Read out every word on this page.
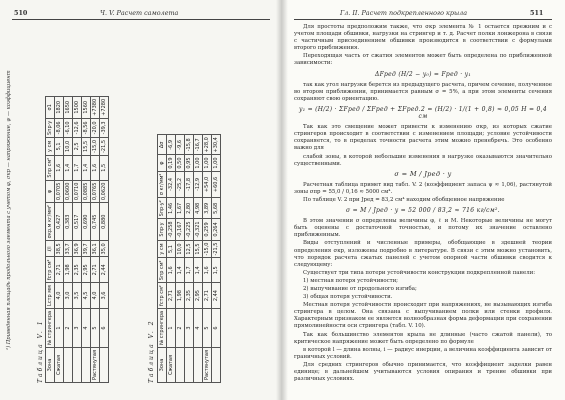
510	Ч. V. Расчет самолета
¹) Приведенная площадь продольного элемента с учетом φ, σкр — напряжение, ψ — коэффициент
Таблица V. 1 Зона	№ стрингера	Lстр мм	fстр см²	ℓ/i	σкр.м кг/мм²	φ	Sпр см²	y см	Sпр·y	σ1
Сжатая	1	4,0	2,71	38,5	0,427	0,0705	1,6	5,1	-8,06	1820
	2	3,0	1,98	33,7	0,383	0,0600	1,4	10,0	-6,10	1650
	3	3,5	2,35	36,9	0,517	0,0710	1,7	2,5	-12,6	1500
	4	4,5	2,95	39,7	0,690	0,0885	1,4	15,5	-8,56	1560
Растянутая	5	4,0	2,71	36,1	0,745	0,0765	1,6	-15,0	-20,0	+7380
	6	3,6	2,44	35,0	0,880	0,0620	1,5	-21,5	-39,3	+7280
Таблица V. 2 Зона	№ стрингера	fстр см²	Sпр см²	y см	Sпр·y	Sпр·y²	σ кг/мм²	φ	Δσ
Сжатая	1	2,71	1,6	5,1	-0,258	1,46	-32,4	0,19	-6,9
	2	1,98	1,4	10,0	-0,167	1,67	-25,2	0,50	-9,6
	3	2,35	1,7	12,5	-0,225	2,80	-17,8	0,95	-15,8
	4	2,95	1,4	15,5	-0,321	4,98	-12,9	1,00	-16,7
Растянутая	5	2,71	1,6	-15,0	0,259	3,89	+54,0	1,00	+28,0
	6	2,44	1,5	-21,5	0,264	5,68	+60,6	1,00	+30,4
Гл. II. Расчет подкрепленного крыла	511

Для простоты предположим также, что σкр элемента № 1 остается прежним и с учетом площади обшивки, нагрузки на стрингер и т. д. Расчет полки лонжерона в связи с частичным присоединением обшивки производится в соответствии с формулами второго приближения.

Переходящая часть от сжатия элементов может быть определена по приближенной зависимости:

ΔFред (H/2 − y₀) = Fред · y₁

так как угол нагрузки берется из предыдущего расчета, причем сечение, полученное во втором приближении, принимается равным σ = 5%, а при этом элементы сечения сохраняют свою ориентацию.

y₁ = (H/2) · ΣFред / ΣFред + ΣFред.2 = (H/2) · 1/(1 + 0,8) ≈ 0,05 H = 0,4 см

Так как это смещение может привести к изменению σкр, из которых сжатие стрингеров происходит в соответствии с изменением площади; условие устойчивости сохраняется, то в пределах точности расчета этим можно пренебречь. Это особенно важно для

слабой зоны, в которой небольшие изменения в нагрузке оказываются значительно существенными.

σ = M / Jред · y

Расчетная таблица примет вид табл. V. 2 (коэффициент запаса ψ ≈ 1,06), растянутой зоны σпр = 55,0 / 0,16 ≈ 5000 см⁴.

По таблице V. 2 при Jред = 83,2 см⁴ находим обобщенное напряжение

σ = M / Jред · y = 52 000 / 83,2 ≈ 716 кг/см².

В этом значении σ определены величины φ, ℓ и M. Некоторые величины не могут быть оценены с достаточной точностью, и потому их значение оставлено приближенным.

Виды отступлений и численные примеры, обобщающие в здешней теории определения σкр, изложены подробно в литературе. В связи с этим можно установить, что порядок расчета сжатых панелей с учетом опорной части обшивки сводится к следующему:

Существует три типа потери устойчивости конструкции подкрепленной панели:

1) местная потеря устойчивости;

2) выпучивание от продольного изгиба;

3) общая потеря устойчивости.

Местная потеря устойчивости происходит при напряжениях, не вызывающих изгиба стрингера в целом. Она связана с выпучиванием полки или стенки профиля. Характерным признаком ее является волнообразная форма деформации при сохранении прямолинейности оси стрингера (табл. V. 10).

Так как большинство элементов крыла не длинные (часто сжатой панели), то критическое напряжение может быть определено по формуле

в которой l — длина волны, i — радиус инерции, а величина коэффициента зависит от граничных условий.

Для средних стрингеров обычно принимается, что коэффициент заделки равен единице; в дальнейшем учитываются условия опирания и трение обшивки при различных условиях.
